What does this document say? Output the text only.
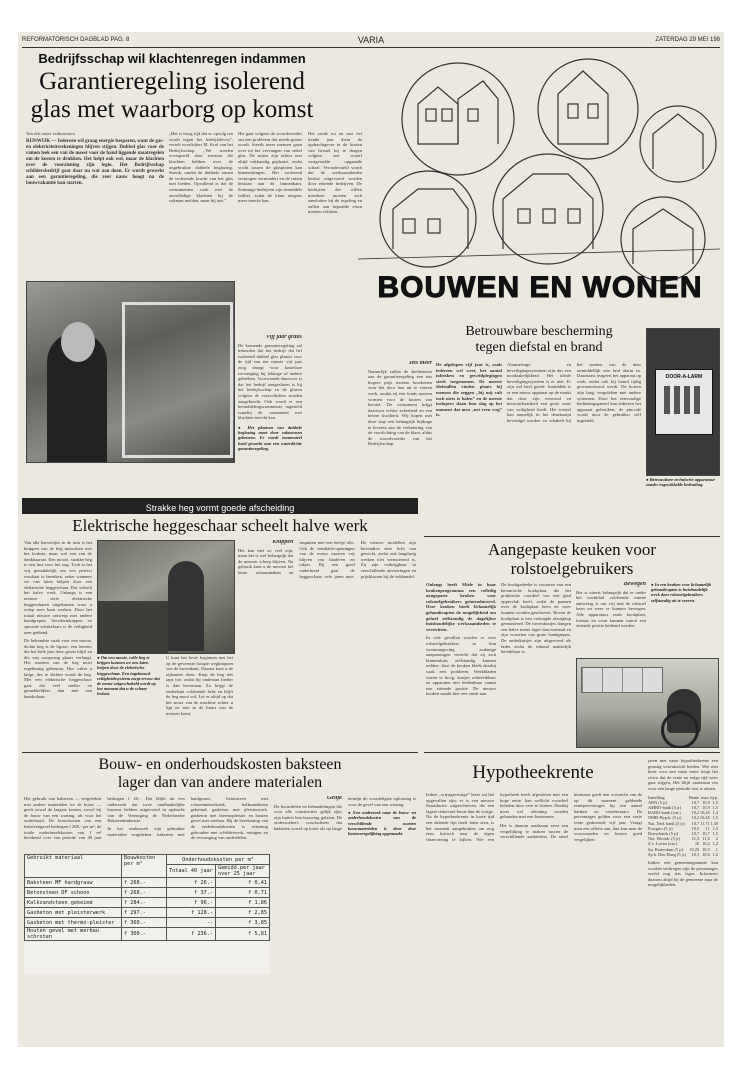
REFORMATORISCH DAGBLAD PAG. 8	VARIA	ZATERDAG 29 MEI 198
Bedrijfsschap wil klachtenregen indammen
Garantieregeling isolerend
glas met waarborg op komst
Van één onzer redacteuren
RIJSWIJK — Iedereen wil graag energie besparen, want de gas- en elektriciteitsrekeningen blijven stijgen. Dubbel glas voor de ramen leek een van de meest voor de hand liggende maatregelen om de kosten te drukken. Het helpt ook wel, maar de klachten over de voorziening zijn legio. Het Bedrijfsschap schildersbedrijf gaat daar nu wat aan doen. Er wordt gewerkt aan een garantieregeling, die zeer nauw hoogt na de bouwvakantie kan starten.
„Het is hoog tijd dat er opvolg ten wordt tegen het bedrijfsleven”, vertelt voorlichter M. Krul van het Bedrijfsschap. „We worden overspoeld door mensen die klachten hebben over de ongebruikte dubbele beglazing. Streuk, omdat de dubbele ramen de isolerende kracht van het glas niet bieden. Opvallend is dat de consumenten vaak niet de onvolledige klachten bij de vakman melden, maar bij ons.”
Het gaat volgens de woordvoerder om een probleem dat steeds groter wordt. Steeds meer mensen gaan over tot het vervangen van enkel glas. De ruiten zijn echter niet altijd vakkundig geplaatst, zodat vocht tussen de glasplaten kan binnendringen. Het isolerend vermogen vermindert en de ruiten beslaan aan de binnenkant. Sommige bedrijven zijn inmiddels failliet, zodat de klant nergens meer terecht kan.
Vijf jaar gratis
De komende garantieregeling zal inhouden dat het bedrijf dat het isolerend dubbel glas plaatst voor de tijd van ten minste vijf jaar zorg draagt voor kosteloze vervanging bij lekkage of andere gebreken. Voorwaarde daarvoor is dat het bedrijf aangesloten is bij het bedrijfsschap en de glazen volgens de voorschriften worden aangebracht. Ook wordt er een bemiddelingscommissie ingesteld waarbij de consument met klachten terecht kan.
● Het plaatsen van dubbele beglazing moet door vakmensen gebeuren. Er wordt momenteel hard gewerkt aan een waterdichte garantieregeling.
Het zesde tot en met het tiende jaar dient de opdrachtgever in de kosten van herstel bij te dragen volgens een vooraf vastgestelde opgaande schaal. Verondersteld wordt dat de werkzaamheden beslist uitgevoerd worden door erkende bedrijven. De bedrijven die willen meedoen moeten zich aansluiten bij de regeling en zullen aan bepaalde eisen moeten voldoen.
Iets meer
Natuurlijk zullen de deelnemers aan de garantieregeling een iets hogere prijs moeten berekenen voor het door hen uit te voeren werk, omdat zij een fonds moeten vormen voor de kosten van herstel. De consument krijgt daarvoor echter zekerheid en een betere kwaliteit. Wij hopen met deze stap een belangrijk bijdrage te leveren aan de verbetering van de voorlichting van de klant, aldus de woordvoerder van het Bedrijfsschap.
BOUWEN EN WONEN
Betrouwbare bescherming
tegen diefstal en brand
De afgelopen vijf jaar is, zoals iedereen wel weet, het aantal inbraken en geweldplegingen sterk toegenomen. De meeste diefstallen vinden plaats bij mensen die zeggen „bij mij valt toch niets te halen” en de meeste inslupers slaan hun slag op het moment dat men „net even weg” is.
Alarmerings- en beveiligingssystemen zijn dus een noodzakelijkheid. Het ideale beveiligingssysteem is er niet. Er zijn wel heel goede. Inmiddels is er een nieuw apparaat op de markt dat door zijn eenvoud en betrouwbaarheid een grote mate van veiligheid biedt. Het toestel kan namelijk in het deurkozijn bevestigd worden en schakelt bij het openen van de deur onmiddellijk een luid alarm in. Daarnaast reageert het apparaat op rook, zodat ook bij brand tijdig gewaarschuwd wordt. De kosten zijn laag, vergeleken met andere systemen. Door het eenvoudige bedieningspaneel kan iedereen het apparaat gebruiken; de pincode wordt door de gebruiker zelf ingesteld.
DOOR-A-LARM
● Betrouwbare technische apparatuur zonder ingewikkelde bedrading.
Strakke heg vormt goede afscheiding
Elektrische heggeschaar scheelt halve werk
Van alle karweitjes in de tuin is het knippen van de heg misschien niet het leukste, maar wel een van de dankbaarste. Een mooie, strakke heg is een lust voor het oog. Toch is het vrij gemakkelijk om een perfect resultaat te bereiken, zeker wanneer we ons laten helpen door een elektrische heggeschaar. Dat scheelt het halve werk. Onlangs is een nieuwe serie elektrische heggescharen uitgekomen waar u volop mee kunt werken. Door het totaal nieuwe ontwerp met andere handgrepen, beschermkappen en speciale schakelaars is de veiligheid zeer gediend.
De bekendste strak voor een mooie, dichte heg is de ligster; een heester die het hele jaar door groen blijft en die van oorsprong plaats verlangt. Het snoeien van de heg moet regelmatig gebeuren. Hoe vaker u knipt, des te dichter wordt de heg. Met een elektrische heggeschaar gaat dat veel sneller en gemakkelijker dan met een handschaar.
● Om een mooie, volle heg te krijgen kunnen we ons laten helpen door de elektrische heggeschaar. Een ingebouwd veiligheidssysteem zorgt ervoor dat de motor uitgeschakeld wordt op het moment dat u de schaar loslaat.
U kunt het beste beginnen met het op de gewenste hoogte wegknippen van de bovenkant. Daarna kunt u de zijkanten doen. Knip de heg iets taps toe, zodat hij onderaan breder is dan bovenaan. Zo krijgt de onderkant voldoende licht en blijft de heg mooi vol. Let er altijd op dat het snoer van de machine achter u ligt en niet in de buurt van de messen komt.
Knippen
Het kan niet zo veel zijn, maar het is wel belangrijk dat de messen scherp blijven. Na gebruik kunt u de messen het beste schoonmaken en inspuiten met een beetje olie. Ook de ventilatie-openingen van de motor moeten vrij blijven van bladeren en takjes. Bij een goed onderhoud gaat de heggeschaar vele jaren mee. De nieuwe modellen zijn bovendien zeer licht van gewicht, zodat ook langdurig werken niet vermoeiend is. Zij zijn verkrijgbaar in verschillende uitvoeringen en prijsklassen bij de vakhandel.
Aangepaste keuken voor
rolstoelgebruikers
Onlangs heeft Miele in haar keukenprogramma een volledig aangepaste keuken voor rolstoelgebruikers geïntroduceerd. Deze keuken biedt lichamelijk gehandicapten de mogelijkheid om geheel zelfstandig de dagelijkse huishoudelijke werkzaamheden te verrichten.
In vele gevallen worden er voor rolstoelgebruikers in hun woonomgeving zodanige aanpassingen verricht dat zij zich binnenshuis zelfstandig kunnen redden. Juist de keuken bleek daarbij vaak een probleem. Werkbladen waren te hoog, kastjes onbereikbaar en apparaten niet bedienbaar vanuit een zittende positie. De nieuwe keuken maakt hier een einde aan.
De kookgedeelte is voorzien van een keramische kookplaat, die het praktische voordeel van een glad oppervlak heeft, zodat de pannen over de kookplaat heen en weer kunnen worden geschoven. Boven de kookplaat is een verlaagde afzuigkap gemonteerd. De bovenkastjes hangen een halve meter lager dan normaal en zijn voorzien van grote handgrepen. De onderkastjes zijn uitgevoerd als lades zodat de inhoud makkelijk bereikbaar is.
Bewegen
Het is uiterst belangrijk dat er onder het werkblad voldoende ruimte aanwezig is om vrij met de rolstoel heen en weer te kunnen bewegen. Alle apparatuur zoals kookplaat, fornuis en oven kunnen vanuit een zittende positie bediend worden.
● In een keuken voor lichamelijk gehandicapten is huishoudelijk werk door rolstoelgebruikers zelfstandig uit te voeren.
Bouw- en onderhoudskosten baksteen
lager dan van andere materialen
Het gebruik van baksteen — vergeleken met andere materialen tot de bouw — geeft zowel de laagste kosten, zowel bij de bouw van een woning, als voor het onderhoud. De bouwkosten van een baksteengevel bedragen f 268,- per m², de totale onderhoudskosten van 1 m² berekend over een periode van 40 jaar bedragen f 26,-. Dat blijkt uit een onderzoek dat twee onafhankelijke bureaus hebben uitgevoerd in opdracht van de Vereniging de Nederlandse Baksteenindustrie.
In het onderzoek zijn gebruikte materialen vergeleken: baksteen met hardgrauw, betonsteen met schoonmetselwerk, kalkzandsteen gekeimd, gasbeton met pleisterwerk, gasbeton met thermopleister en houten gevel met merbau. Bij de berekening van de onderhoudskosten is rekening gehouden met schilderwerk, reinigen en de vervanging van onderdelen.
Gelijk
De bouwdelen en behandelingen die voor alle constructies gelijk zijn, zijn buiten beschouwing gelaten. De onderzoekers concluderen dat baksteen zowel op korte als op lange termijn de voordeligste oplossing is voor de gevel van een woning.
● Een onderzoek naar de bouw- en onderhoudskosten van de verschillende soorten bouwmaterialen is door deze kostenvergelijking opgemaakt.
Gebruikt materiaal	Bouwkosten per m²	Onderhoudskosten per m²	
		Totaal 40 jaar	Gemidd.per jaar over 25 jaar
Baksteen MF hardgrauw	f 268.-	f 26.-	f 0,41
Betonsteen DF schoon	f 268.-	f 37.-	f 0,71
Kalkzandsteen gekeimd	f 284.-	f 96.-	f 1,86
Gasbeton met pleisterwerk	f 297.-	f 128.-	f 2,85
Gasbeton met thermo-pleister	f 360.-	--	f 3,85
Houten gevel met merbau schroten	f 300.-	f 236.-	f 5,81
Hypotheekrente
Iedere „vrijstgevestige” lezer zal het opgevallen zijn: er is een nieuwe Staatshuisv. uitgeschreven, die een lagere rentevoet bevat dan de vorige. Nu de hypotheekrente in korte tijd een dalende lijn heeft laten zien, is het moment aangebroken om nog eens kritisch naar de eigen financiering te kijken. Wie een hypotheek heeft afgesloten met een hoge rente, kan wellicht voordeel behalen door over te sluiten. Daarbij moet wel rekening worden gehouden met een boeterente.
Het is daarom raadzaam eerst een vergelijking te maken tussen de verschillende aanbieders. De tabel hiernaast geeft een overzicht van de op dit moment geldende rentepercentages bij een aantal banken en verzekeraars. De percentages gelden voor een vaste rente gedurende vijf jaar. Vraagt men een offerte aan, dan kan men de voorwaarden en kosten goed vergelijken.
jaren met vaste hypotheekrente een gunstig vooruitzicht bieden. Wie niet kiest voor een vaste rente loopt het risico dat de rente na enige tijd weer gaat stijgen. Het blijft raadzaam om voor een lange periode vast te zetten.
Instelling	Rente	max.	hyp.
ABN (5 jr)	10,7	10,9	1,5
AMRO-bank (5 jr)	10,7	10,9	1,5
RABO-bank (var.)	10,2	10,45	1,4
NMB-Hyp.b. (5 jr)	10,2	10,45	1,5
Nat. Ned. bank (5 jr)	10,7	11,71	1,30
Postgiro (5 jr)	10,5	11	1,5
Bouwfonds (5 jr)	10,7	10,7	1,5
Nat. Woonb. (5 jr)	11,3	11,6	2
Z.v. Leven (var.)	10	10,2	1,2
Sp. Rotterdam (5 jr)	10,25	10,5	1
Sp.b. Den Haag (5 jr)	10,1	10,6	1,2
Indien een gemeentegarantie kan worden verkregen zijn de percentages veelal nog iets lager. Informeer daarom altijd bij de gemeente naar de mogelijkheden.
